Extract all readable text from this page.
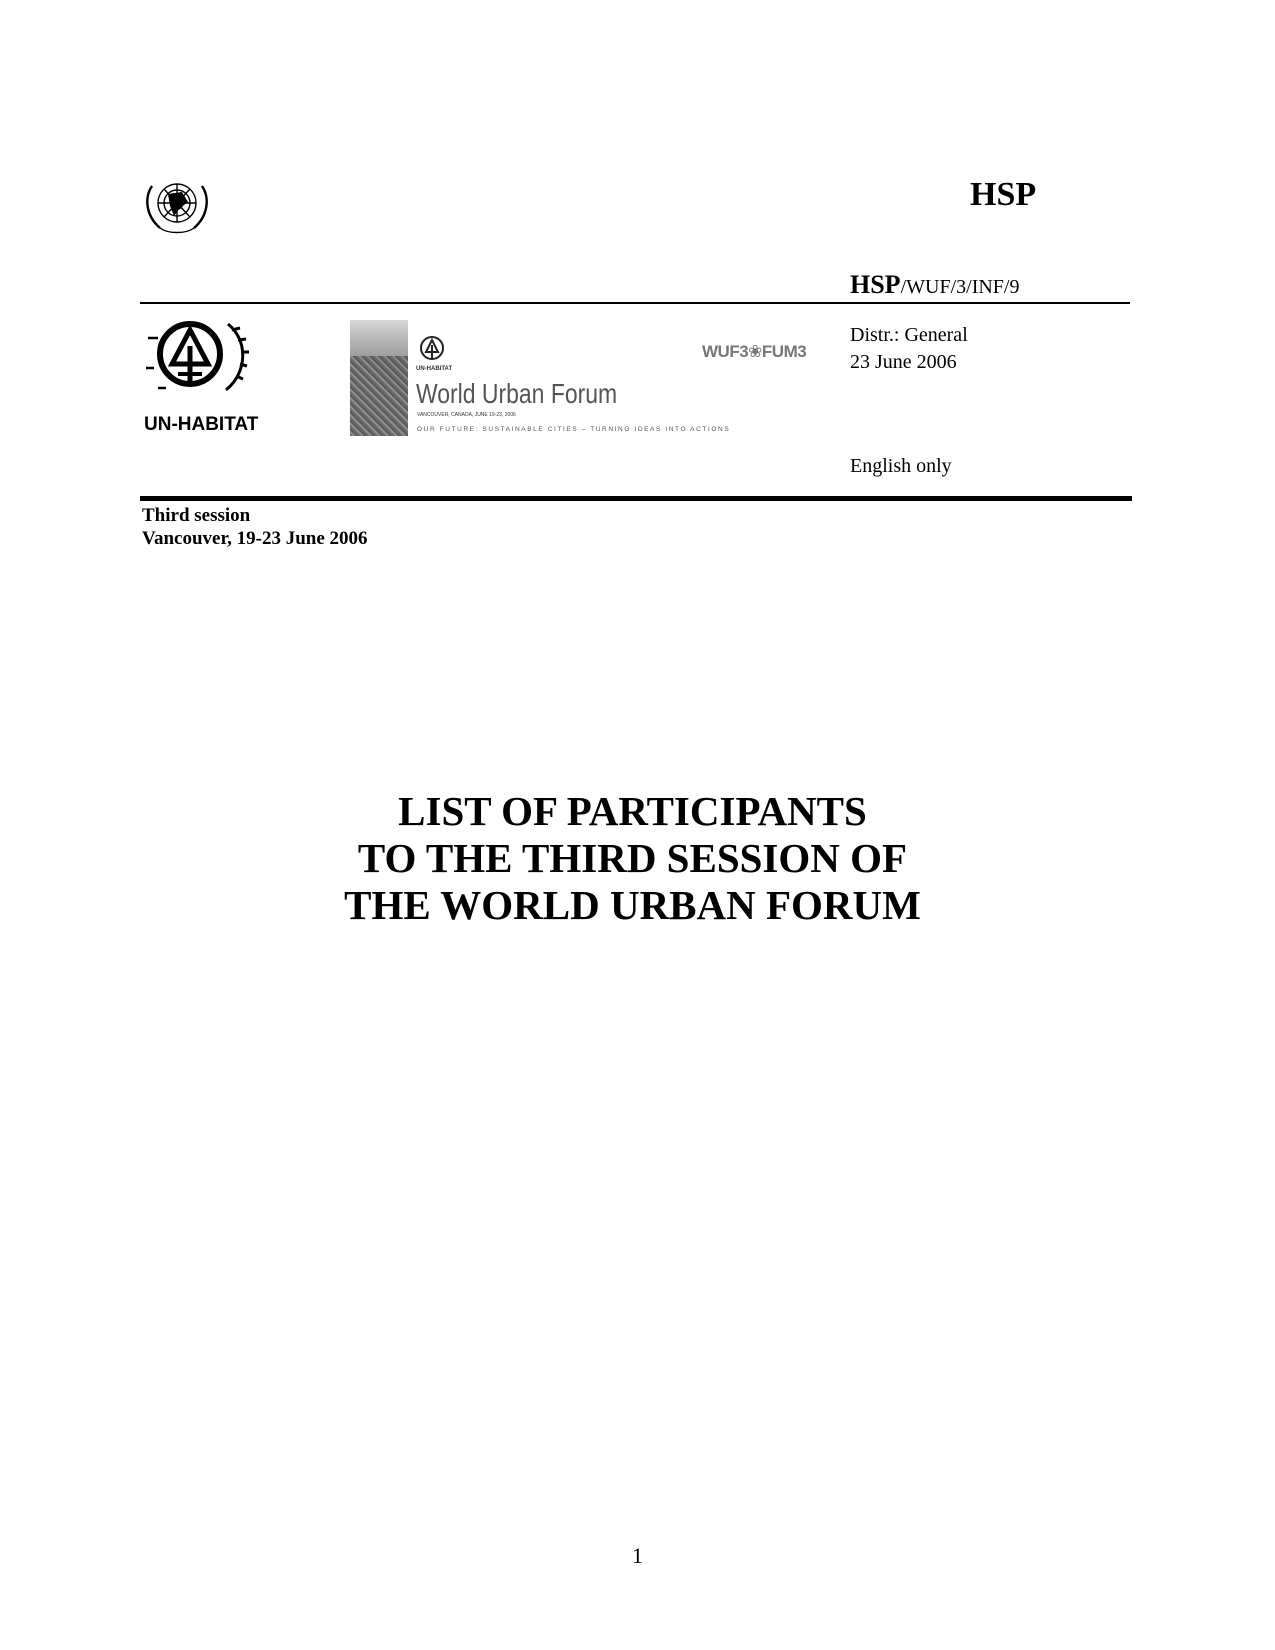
HSP
HSP/WUF/3/INF/9
Distr.: General
23 June 2006
English only
UN-HABITAT
UN-HABITAT
World Urban Forum
VANCOUVER, CANADA, JUNE 19-23, 2006
OUR FUTURE: SUSTAINABLE CITIES – TURNING IDEAS INTO ACTIONS
WUF3❀FUM3
Third session
Vancouver, 19-23 June 2006
LIST OF PARTICIPANTS
TO THE THIRD SESSION OF
THE WORLD URBAN FORUM
1
